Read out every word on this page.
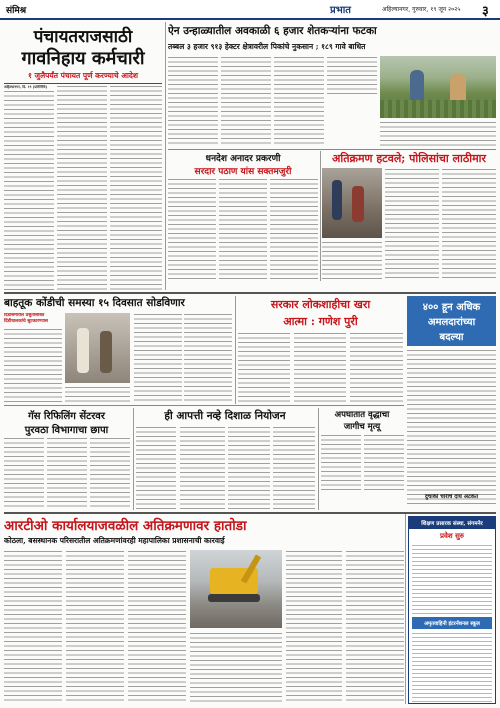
संमिश्र	प्रभात	अहिल्यानगर, गुरुवार, १९ जून २०२५ ३
पंचायतराजसाठी
गावनिहाय कर्मचारी
१ जुलैपर्यंत पंचायत पूर्ण करण्याचे आदेश
अहिल्यानगर, दि. १९ (प्रतिनिधि)
ऐन उन्हाळ्यातील अवकाळी ६ हजार शेतकऱ्यांना फटका
तब्बल ३ हजार ९१३ हेक्टर क्षेत्रावरील पिकांचे नुकसान ; १८९ गावे बाधित
अतिक्रमण हटवले; पोलिसांचा लाठीमार
धनदेश अनादर प्रकरणी
सरदार पठाण यांस सक्तमजुरी
बाहतूक कोंडीची समस्या १५ दिवसात सोडविणार
दिंडीसमोरील प्रसुतीसोबत दिंडीचालकांचे सुटकारण्यास
सरकार लोकशाहीचा खरा
आत्मा : गणेश पुरी
४०० हून अधिक
अमलदारांच्या
बदल्या
गॅस रिफिलिंग सेंटरवर
पुरवठा विभागाचा छापा
ही आपत्ती नव्हे दिशाळ नियोजन	अपघातात वृद्धाचा
जागीच मृत्यू
दुचाकी चोरीचे दोघे अटकेत
आरटीओ कार्यालयाजवळील अतिक्रमणावर हातोडा
कोठला, बसस्थानक परिसरातील अतिक्रमणांवरही महापालिका प्रशासनाची कारवाई
शिक्षण प्रसारक संस्था, संगमनेर
प्रवेश सुरु
अमृतवाहिनी इंटरनॅशनल स्कूल
